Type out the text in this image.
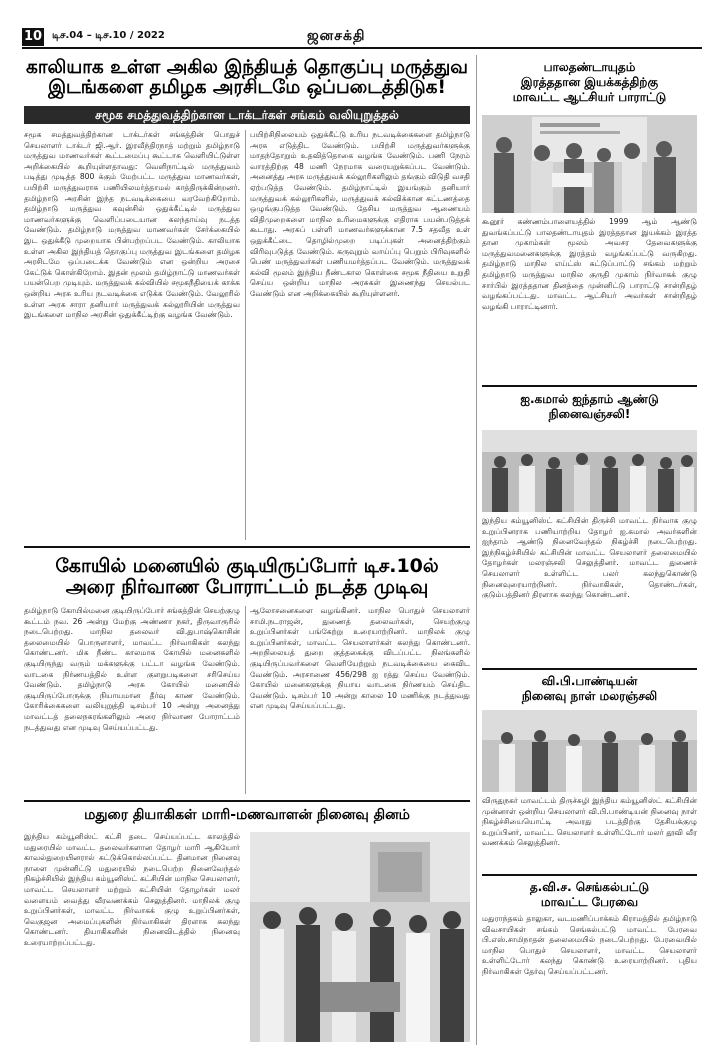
10 டிச.04 – டிச.10 / 2022	ஜனசக்தி
காலியாக உள்ள அகில இந்தியத் தொகுப்பு மருத்துவ
இடங்களை தமிழக அரசிடமே ஒப்படைத்திடுக!
சமூக சமத்துவத்திற்கான டாக்டர்கள் சங்கம் வலியுறுத்தல்
சமூக சமத்துவத்திற்கான டாக்டர்கள் சங்கத்தின் பொதுச் செயலாளர் டாக்டர் ஜி.ஆர். இரவீந்திரநாத் மற்றும் தமிழ்நாடு மருத்துவ மாணவர்கள் கூட்டமைப்பு கூட்டாக வெளியிட்டுள்ள அறிக்கையில் கூறியுள்ளதாவது: வெளிநாட்டில் மருத்துவம் படித்து முடித்த 800 க்கும் மேற்பட்ட மருத்துவ மாணவர்கள், பயிற்சி மருத்துவராக பணியிலமர்த்தாமல் காத்திருக்கின்றனர். தமிழ்நாடு அரசின் இந்த நடவடிக்கையை வரவேற்கிறோம். தமிழ்நாடு மருத்துவ கவுன்சில் ஒதுக்கீட்டில் மருத்துவ மாணவர்களுக்கு வெளிப்படையான கலந்தாய்வு நடத்த வேண்டும். தமிழ்நாடு மருத்துவ மாணவர்கள் சேர்க்கையில் இட ஒதுக்கீடு முறையாக பின்பற்றப்பட வேண்டும். காலியாக உள்ள அகில இந்தியத் தொகுப்பு மருத்துவ இடங்களை தமிழக அரசிடமே ஒப்படைக்க வேண்டும் என ஒன்றிய அரசை கேட்டுக் கொள்கிறோம். இதன் மூலம் தமிழ்நாட்டு மாணவர்கள் பயன்பெற முடியும். மருத்துவக் கல்வியில் சமூகநீதியைக் காக்க ஒன்றிய அரசு உரிய நடவடிக்கை எடுக்க வேண்டும். வேலூரில் உள்ள அரசு சாரா தனியார் மருத்துவக் கல்லூரியின் மருத்துவ இடங்களை மாநில அரசின் ஒதுக்கீட்டிற்கு வழங்க வேண்டும்.
பயிற்சிநிலையம் ஒதுக்கீட்டு உரிய நடவடிக்கைகளை தமிழ்நாடு அரசு எடுத்திட வேண்டும். பயிற்சி மருத்துவர்களுக்கு மாதந்தோறும் உதவித்தொகை வழங்க வேண்டும். பணி நேரம் வாரத்திற்கு 48 மணி நேரமாக வரையறுக்கப்பட வேண்டும். அனைத்து அரசு மருத்துவக் கல்லூரிகளிலும் தங்கும் விடுதி வசதி ஏற்படுத்த வேண்டும். தமிழ்நாட்டில் இயங்கும் தனியார் மருத்துவக் கல்லூரிகளில், மருத்துவக் கல்விக்கான கட்டணத்தை ஒழுங்குபடுத்த வேண்டும். தேசிய மருத்துவ ஆணையம் விதிமுறைகளை மாநில உரிமைகளுக்கு எதிராக பயன்படுத்தக் கூடாது. அரசுப் பள்ளி மாணவர்களுக்கான 7.5 சதவீத உள் ஒதுக்கீட்டை தொழில்முறை படிப்புகள் அனைத்திற்கும் விரிவுபடுத்த வேண்டும். கருவுறும் வாய்ப்பு பெறும் பிரிவுகளில் பெண் மருத்துவர்கள் பணியமர்த்தப்பட வேண்டும். மருத்துவக் கல்வி மூலம் இந்திய நீண்டகால கொள்கை சமூக நீதியை உறுதி செய்ய ஒன்றிய மாநில அரசுகள் இணைந்து செயல்பட வேண்டும் என அறிக்கையில் கூறியுள்ளனர்.
பாலதண்டாயுதம்
இரத்ததான இயக்கத்திற்கு
மாவட்ட ஆட்சியர் பாராட்டு
கூனூர் கண்ணம்பாளையத்தில் 1999 ஆம் ஆண்டு துவங்கப்பட்டு பாலதண்டாயுதம் இரத்ததான இயக்கம் இரத்த தான முகாம்கள் மூலம் அவசர தேவைகளுக்கு மருத்துவமனைகளுக்கு இரத்தம் வழங்கப்பட்டு வருகிறது. தமிழ்நாடு மாநில எய்ட்ஸ் கட்டுப்பாட்டு சங்கம் மற்றும் தமிழ்நாடு மருத்துவ மாநில குருதி முகாம் நிர்வாகக் குழு சார்பில் இரத்ததான தினத்தை முன்னிட்டு பாராட்டு சான்றிதழ் வழங்கப்பட்டது. மாவட்ட ஆட்சியர் அவர்கள் சான்றிதழ் வழங்கி பாராட்டினார்.
ஐ.கமால் ஐந்தாம் ஆண்டு
நினைவஞ்சலி!
இந்திய கம்யூனிஸ்ட் கட்சியின் திருச்சி மாவட்ட நிர்வாக குழு உறுப்பினராக பணியாற்றிய தோழர் ஐ.கமால் அவர்களின் ஐந்தாம் ஆண்டு நினைவேந்தல் நிகழ்ச்சி நடைபெற்றது. இந்நிகழ்ச்சியில் கட்சியின் மாவட்ட செயலாளர் தலைமையில் தோழர்கள் மலரஞ்சலி செலுத்தினர். மாவட்ட துணைச் செயலாளர் உள்ளிட்ட பலர் கலந்துகொண்டு நினைவுரையாற்றினர். நிர்வாகிகள், தொண்டர்கள், குடும்பத்தினர் திரளாக கலந்து கொண்டனர்.
வி.பி.பாண்டியன்
நினைவு நாள் மலரஞ்சலி
விருதுநகர் மாவட்டம் திருச்சுழி இந்திய கம்யூனிஸ்ட் கட்சியின் முன்னாள் ஒன்றிய செயலாளர் வி.பி.பாண்டியன் நினைவு நாள் நிகழ்ச்சியையொட்டி அவரது படத்திற்கு தேசியக்குழு உறுப்பினர், மாவட்ட செயலாளர் உள்ளிட்டோர் மலர் தூவி வீர வணக்கம் செலுத்தினர்.
த.வி.ச. செங்கல்பட்டு
மாவட்ட பேரவை
மதுராந்தகம் தாலுகா, வடமணிப்பாக்கம் கிராமத்தில் தமிழ்நாடு விவசாயிகள் சங்கம் செங்கல்பட்டு மாவட்ட பேரவை பி.எஸ்.சாமிநாதன் தலைமையில் நடைபெற்றது. பேரவையில் மாநில பொதுச் செயலாளர், மாவட்ட செயலாளர் உள்ளிட்டோர் கலந்து கொண்டு உரையாற்றினர். புதிய நிர்வாகிகள் தேர்வு செய்யப்பட்டனர்.
கோயில் மனையில் குடியிருப்போர் டிச.10ல்
அரை நிர்வாண போராட்டம் நடத்த முடிவு
தமிழ்நாடு கோயில்மனை குடியிருப்போர் சங்கத்தின் செயற்குழு கூட்டம் நவ. 26 அன்று மேற்கு அண்ணா நகர், திருவாரூரில் நடைபெற்றது. மாநில தலைவர் வி.துபாஷ்கொசின் தலைமையில் பொருளாளர், மாவட்ட நிர்வாகிகள் கலந்து கொண்டனர். மிக நீண்ட காலமாக கோயில் மனைகளில் குடியிருந்து வரும் மக்களுக்கு பட்டா வழங்க வேண்டும். வாடகை நிர்ணயத்தில் உள்ள குளறுபடிகளை சரிசெய்ய வேண்டும். தமிழ்நாடு அரசு கோயில் மனையில் குடியிருப்போருக்கு நியாயமான தீர்வு காண வேண்டும். கோரிக்கைகளை வலியுறுத்தி டிசம்பர் 10 அன்று அனைத்து மாவட்டத் தலைநகரங்களிலும் அரை நிர்வாண போராட்டம் நடத்துவது என முடிவு செய்யப்பட்டது.
ஆலோசனைகளை வழங்கினர். மாநில பொதுச் செயலாளர் சாமி.நடராஜன், துணைத் தலைவர்கள், செயற்குழு உறுப்பினர்கள் பங்கேற்று உரையாற்றினர். மாநிலக் குழு உறுப்பினர்கள், மாவட்ட செயலாளர்கள் கலந்து கொண்டனர். அறநிலையத் துறை குத்தகைக்கு விடப்பட்ட நிலங்களில் குடியிருப்பவர்களை வெளியேற்றும் நடவடிக்கையை கைவிட வேண்டும். அரசாணை 456/298 ஐ ரத்து செய்ய வேண்டும். கோயில் மனைகளுக்கு நியாய வாடகை நிர்ணயம் செய்திட வேண்டும். டிசம்பர் 10 அன்று காலை 10 மணிக்கு நடத்துவது என முடிவு செய்யப்பட்டது.
மதுரை தியாகிகள் மாரி-மணவாளன் நினைவு தினம்
இந்திய கம்யூனிஸ்ட் கட்சி தடை செய்யப்பட்ட காலத்தில் மதுரையில் மாவட்ட தலைவர்களான தோழர் மாரி ஆகியோர் காவல்துறையினரால் சுட்டுக்கொல்லப்பட்ட தினமான நினைவு நாளை முன்னிட்டு மதுரையில் நடைபெற்ற நினைவேந்தல் நிகழ்ச்சியில் இந்திய கம்யூனிஸ்ட் கட்சியின் மாநில செயலாளர், மாவட்ட செயலாளர் மற்றும் கட்சியின் தோழர்கள் மலர் வளையம் வைத்து வீரவணக்கம் செலுத்தினர். மாநிலக் குழு உறுப்பினர்கள், மாவட்ட நிர்வாகக் குழு உறுப்பினர்கள், வெகுஜன அமைப்புகளின் நிர்வாகிகள் திரளாக கலந்து கொண்டனர். தியாகிகளின் நினைவிடத்தில் நினைவு உரையாற்றப்பட்டது.
